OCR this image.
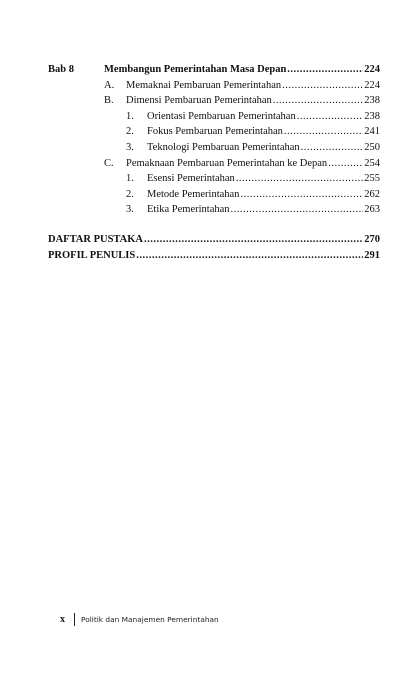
Bab 8	Membangun Pemerintahan Masa Depan .....	224
A.	Memaknai Pembaruan Pemerintahan .....	224
B.	Dimensi Pembaruan Pemerintahan .....	238
1.	Orientasi Pembaruan Pemerintahan .....	238
2.	Fokus Pembaruan Pemerintahan .....	241
3.	Teknologi Pembaruan Pemerintahan .....	250
C.	Pemaknaan Pembaruan Pemerintahan ke Depan .....	254
1.	Esensi Pemerintahan .....	255
2.	Metode Pemerintahan .....	262
3.	Etika Pemerintahan .....	263
DAFTAR PUSTAKA .....	270
PROFIL PENULIS .....	291
x	Politik dan Manajemen Pemerintahan
